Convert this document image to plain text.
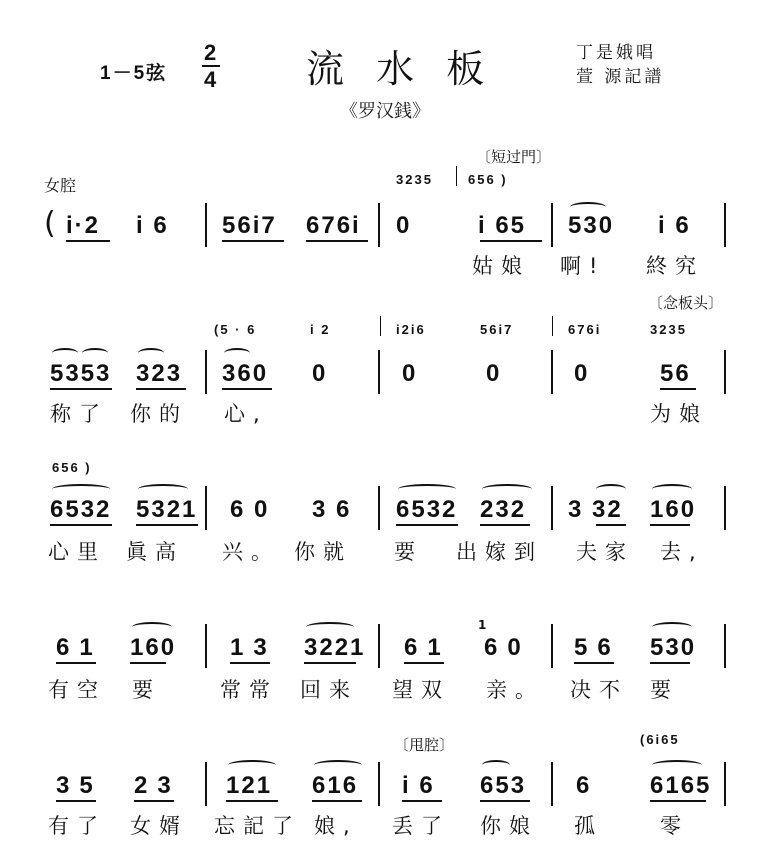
1－5弦
2
4 流 水 板	丁是娥唱
萱 源記譜
《罗汉銭》
〔短过門〕
女腔	3235	656 )
( i·2 i 6 56i7 676i 0	i 65 530 i 6
姑娘 啊! 終究
〔念板头〕
(5 · 6	i 2	i2i6	56i7	676i	3235
5353 323 360 0	0	0	0	56
称了 你的 心,	为娘
656 )
6532 5321 6 0 3 6 6532 232 3 32 160
心里 眞高 兴。 你就 要 出嫁到 夫家 去,
61 160 13 3221 61
1
60 56 530
有空 要	常常 回来 望双 亲。 决不 要
〔甩腔〕	(6i65
35 23 121 616 i 6 653 6 6165
有了 女婿 忘記了 娘, 丢了 你娘 孤	零
